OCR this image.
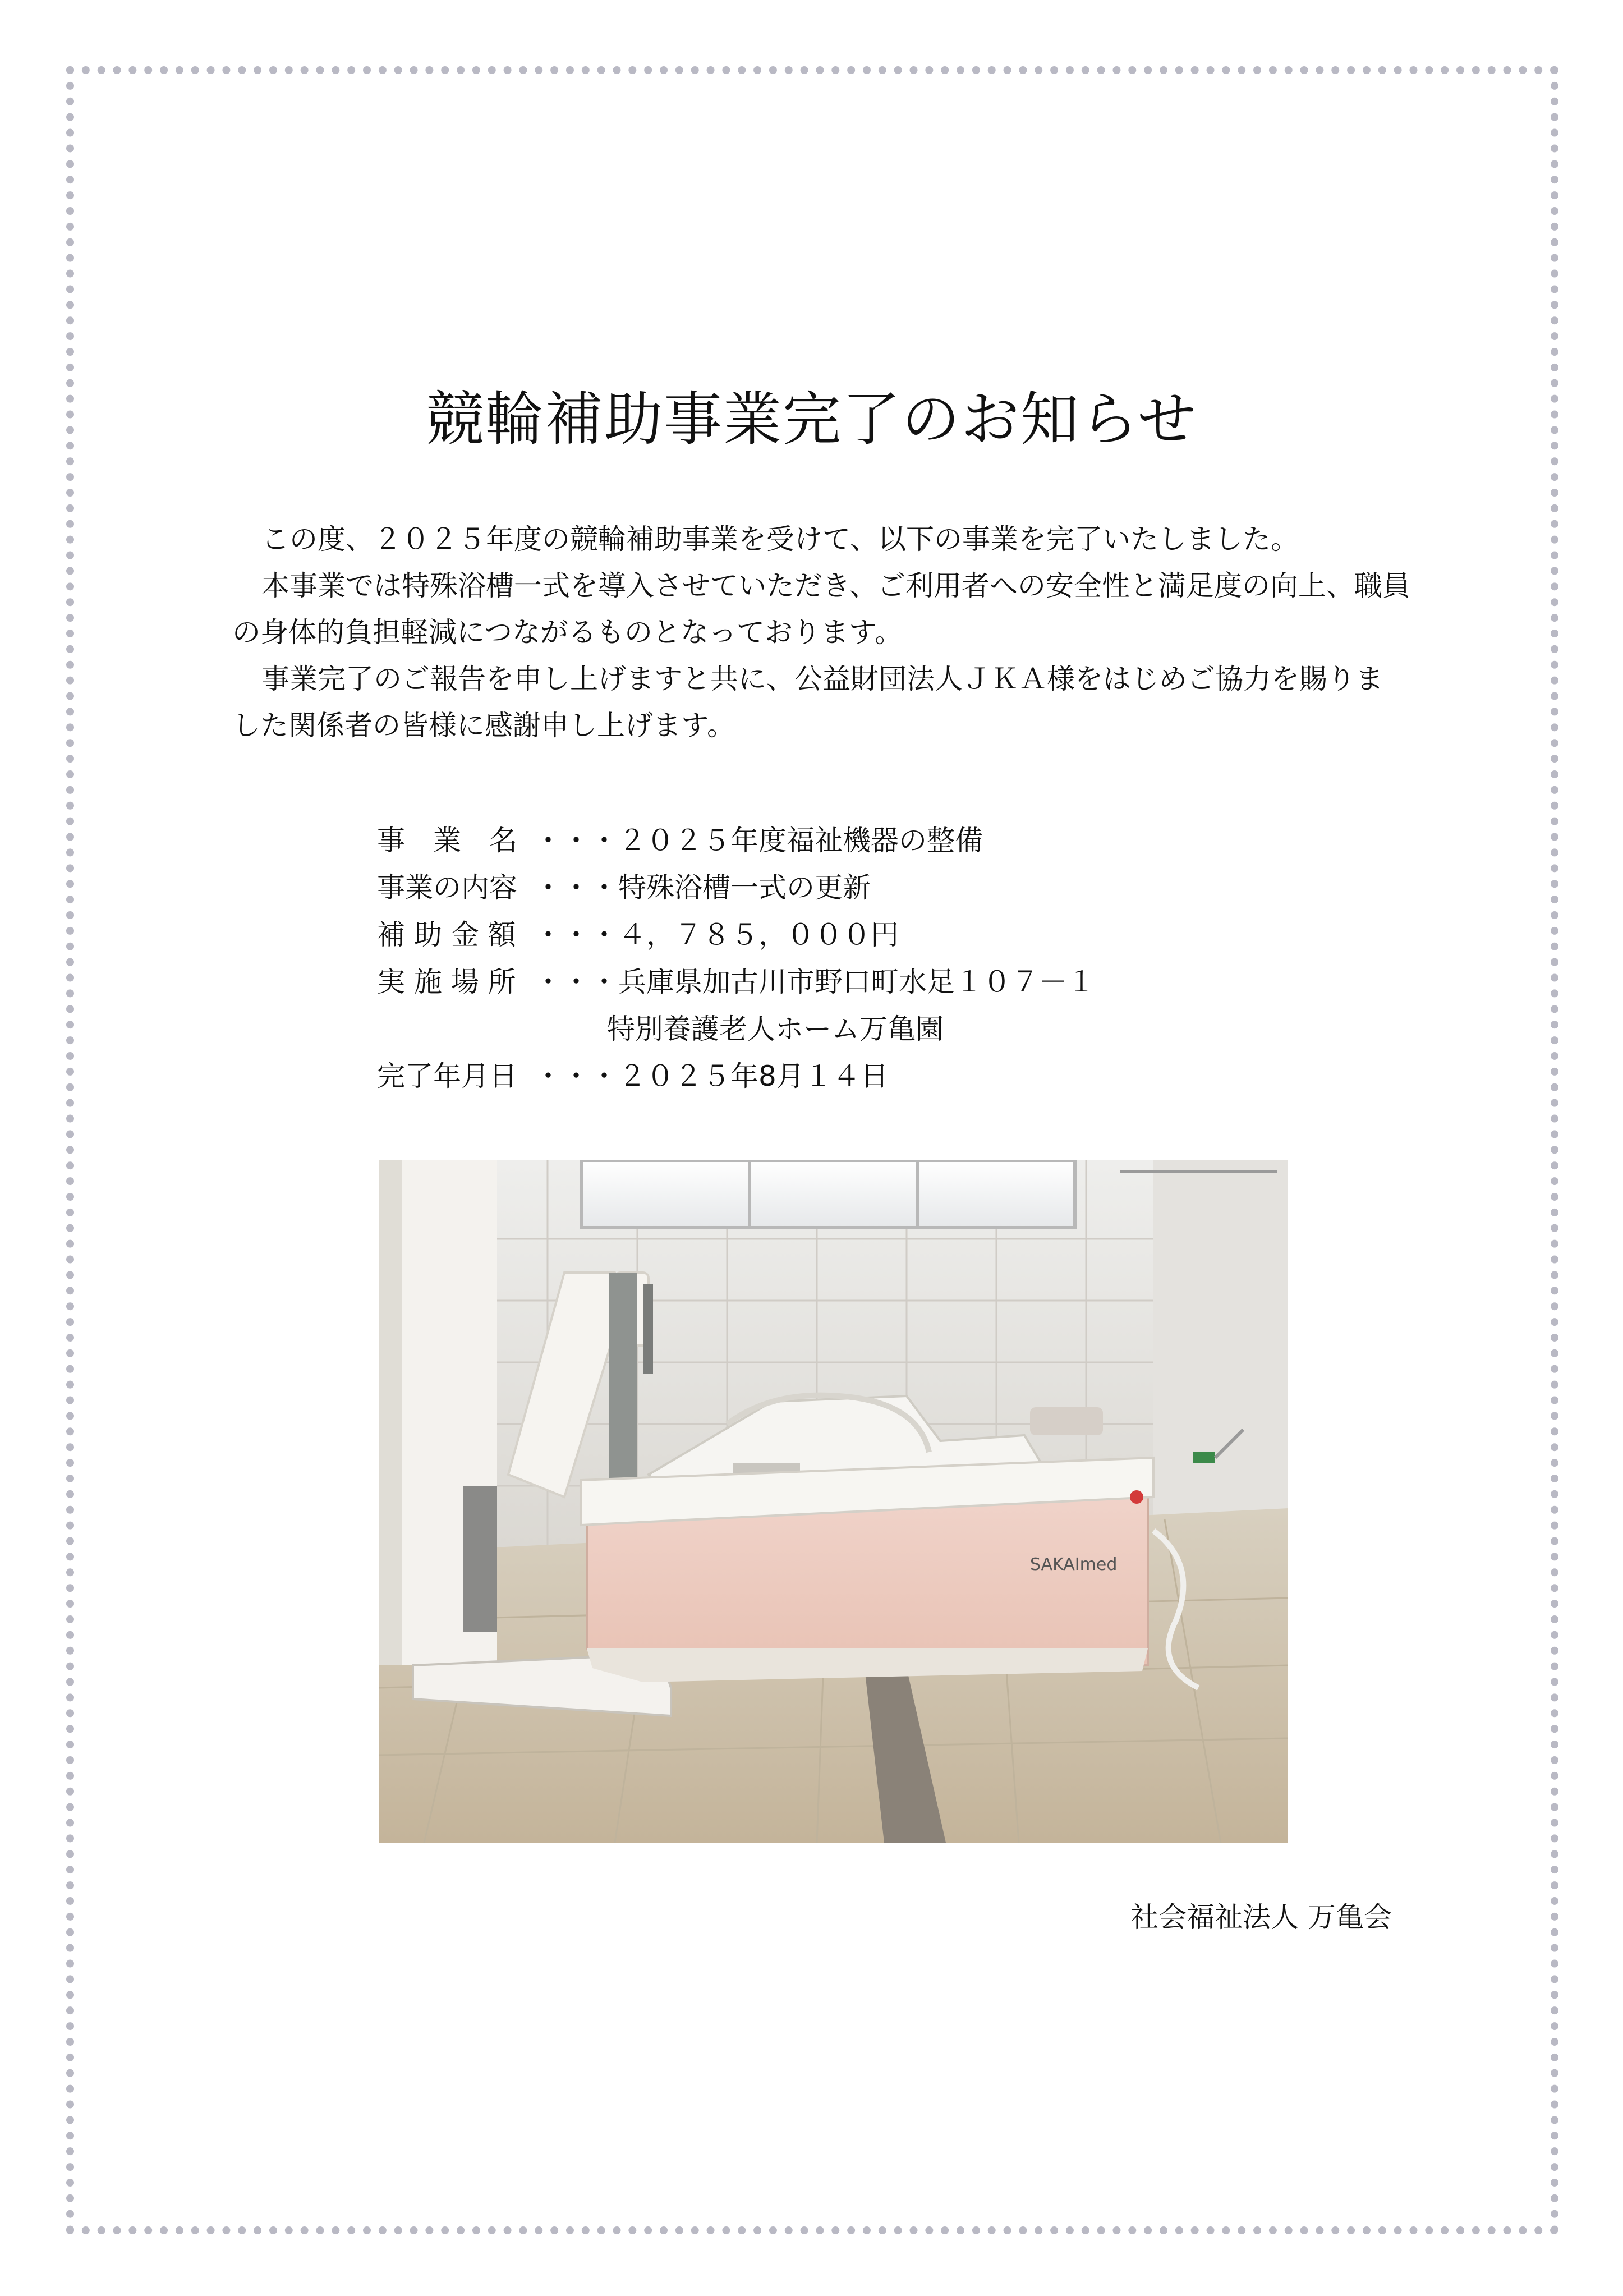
競輪補助事業完了のお知らせ

この度、２０２５年度の競輪補助事業を受けて、以下の事業を完了いたしました。

本事業では特殊浴槽一式を導入させていただき、ご利用者への安全性と満足度の向上、職員の身体的負担軽減につながるものとなっております。

事業完了のご報告を申し上げますと共に、公益財団法人ＪＫＡ様をはじめご協力を賜りました関係者の皆様に感謝申し上げます。

事　業　名 ・・・ ２０２５年度福祉機器の整備
事業の内容 ・・・ 特殊浴槽一式の更新
補 助 金 額 ・・・ ４，７８５，０００円
実 施 場 所 ・・・ 兵庫県加古川市野口町水足１０７－１
特別養護老人ホーム万亀園
完了年月日 ・・・ ２０２５年8月１４日
SAKAImed
社会福祉法人 万亀会
